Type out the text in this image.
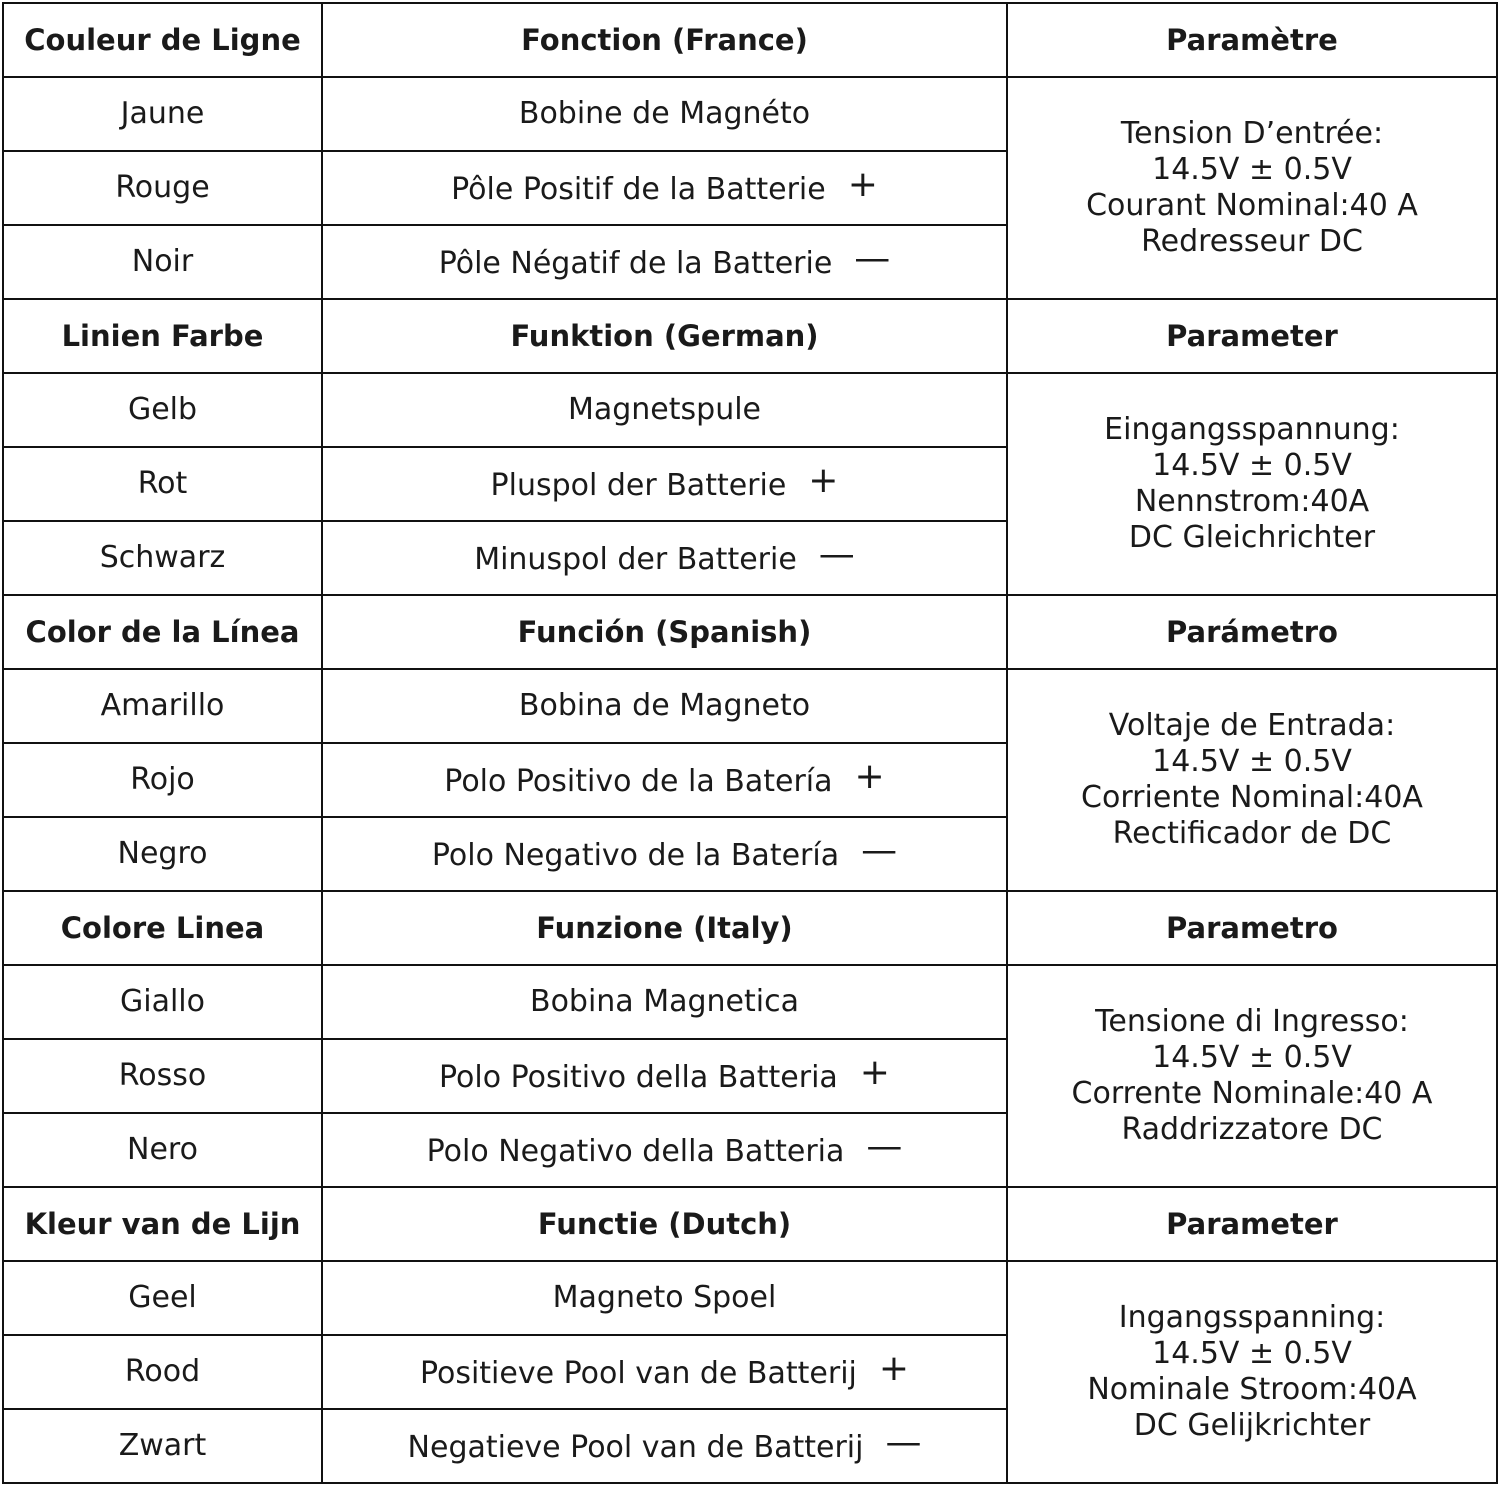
Couleur de Ligne	Fonction (France)	Paramètre
Jaune	Bobine de Magnéto	Tension D’entrée:
14.5V ± 0.5V
Courant Nominal:40 A
Redresseur DC

Rouge	Pôle Positif de la Batterie +	
Noir	Pôle Négatif de la Batterie —	
Linien Farbe	Funktion (German)	Parameter
Gelb	Magnetspule	Eingangsspannung:
14.5V ± 0.5V
Nennstrom:40A
DC Gleichrichter

Rot	Pluspol der Batterie +	
Schwarz	Minuspol der Batterie —	
Color de la Línea	Función (Spanish)	Parámetro
Amarillo	Bobina de Magneto	Voltaje de Entrada:
14.5V ± 0.5V
Corriente Nominal:40A
Rectificador de DC

Rojo	Polo Positivo de la Batería +	
Negro	Polo Negativo de la Batería —	
Colore Linea	Funzione (Italy)	Parametro
Giallo	Bobina Magnetica	Tensione di Ingresso:
14.5V ± 0.5V
Corrente Nominale:40 A
Raddrizzatore DC

Rosso	Polo Positivo della Batteria +	
Nero	Polo Negativo della Batteria —	
Kleur van de Lijn	Functie (Dutch)	Parameter
Geel	Magneto Spoel	Ingangsspanning:
14.5V ± 0.5V
Nominale Stroom:40A
DC Gelijkrichter

Rood	Positieve Pool van de Batterij +	
Zwart	Negatieve Pool van de Batterij —	
